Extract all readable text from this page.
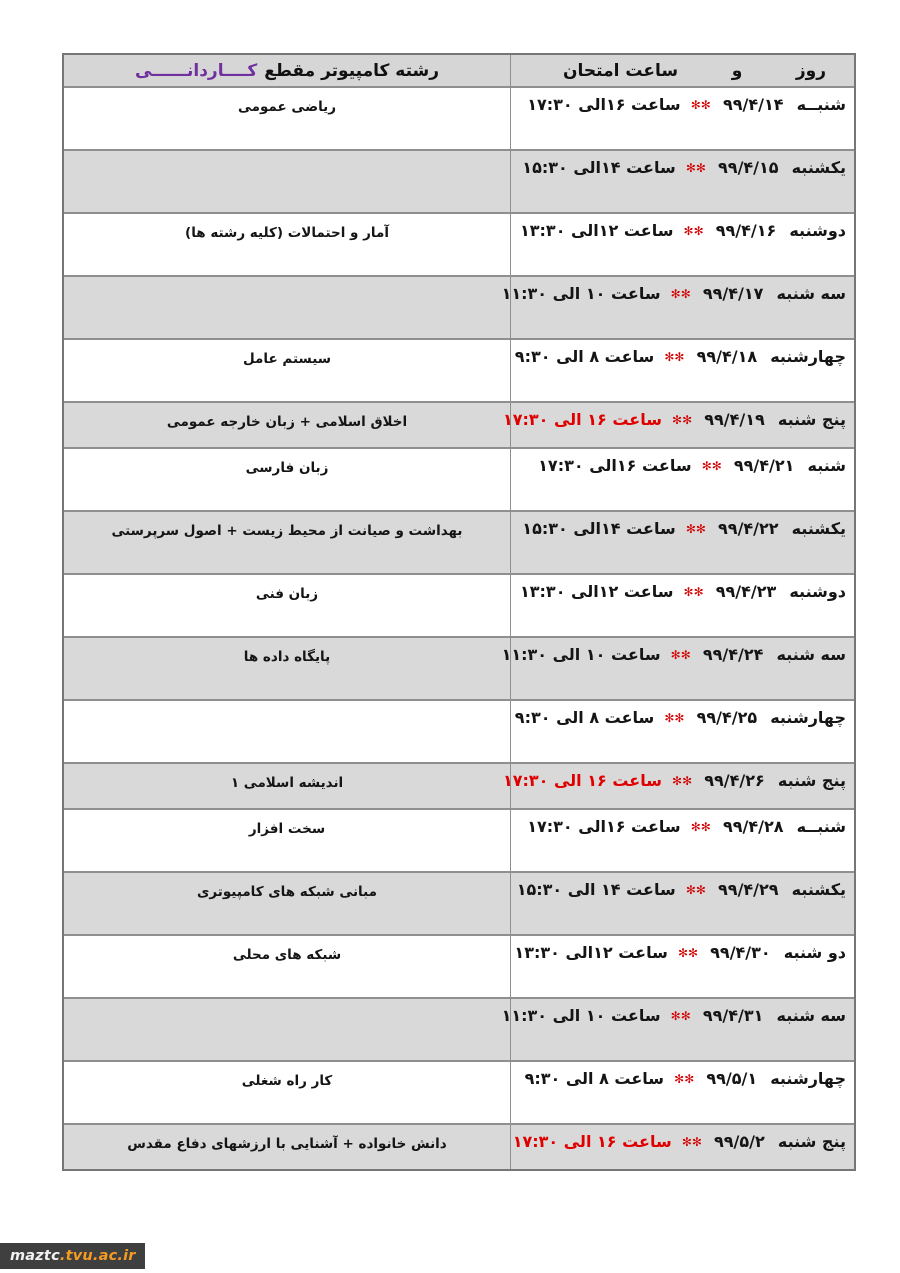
روز
و
ساعت امتحان
رشته کامپیوتر مقطع
کــــاردانــــــی
شنبــه ۹۹/۴/۱۴ ✻✻ ساعت ۱۶الی ۱۷:۳۰
ریاضی عمومی
یکشنبه ۹۹/۴/۱۵ ✻✻ ساعت ۱۴الی ۱۵:۳۰
دوشنبه ۹۹/۴/۱۶ ✻✻ ساعت ۱۲الی ۱۳:۳۰
آمار و احتمالات (کلیه رشته ها)
سه شنبه ۹۹/۴/۱۷ ✻✻ ساعت ۱۰ الی ۱۱:۳۰
چهارشنبه ۹۹/۴/۱۸ ✻✻ ساعت ۸ الی ۹:۳۰
سیستم عامل
پنج شنبه ۹۹/۴/۱۹ ✻✻ ساعت ۱۶ الی ۱۷:۳۰
اخلاق اسلامی + زبان خارجه عمومی
شنبه ۹۹/۴/۲۱ ✻✻ ساعت ۱۶الی ۱۷:۳۰
زبان فارسی
یکشنبه ۹۹/۴/۲۲ ✻✻ ساعت ۱۴الی ۱۵:۳۰
بهداشت و صیانت از محیط زیست + اصول سرپرستی
دوشنبه ۹۹/۴/۲۳ ✻✻ ساعت ۱۲الی ۱۳:۳۰
زبان فنی
سه شنبه ۹۹/۴/۲۴ ✻✻ ساعت ۱۰ الی ۱۱:۳۰
پایگاه داده ها
چهارشنبه ۹۹/۴/۲۵ ✻✻ ساعت ۸ الی ۹:۳۰
پنج شنبه ۹۹/۴/۲۶ ✻✻ ساعت ۱۶ الی ۱۷:۳۰
اندیشه اسلامی ۱
شنبــه ۹۹/۴/۲۸ ✻✻ ساعت ۱۶الی ۱۷:۳۰
سخت افزار
یکشنبه ۹۹/۴/۲۹ ✻✻ ساعت ۱۴ الی ۱۵:۳۰
مبانی شبکه های کامپیوتری
دو شنبه ۹۹/۴/۳۰ ✻✻ ساعت ۱۲الی ۱۳:۳۰
شبکه های محلی
سه شنبه ۹۹/۴/۳۱ ✻✻ ساعت ۱۰ الی ۱۱:۳۰
چهارشنبه ۹۹/۵/۱ ✻✻ ساعت ۸ الی ۹:۳۰
کار راه شغلی
پنج شنبه ۹۹/۵/۲ ✻✻ ساعت ۱۶ الی ۱۷:۳۰
دانش خانواده + آشنایی با ارزشهای دفاع مقدس
maztc .tvu.ac.ir
